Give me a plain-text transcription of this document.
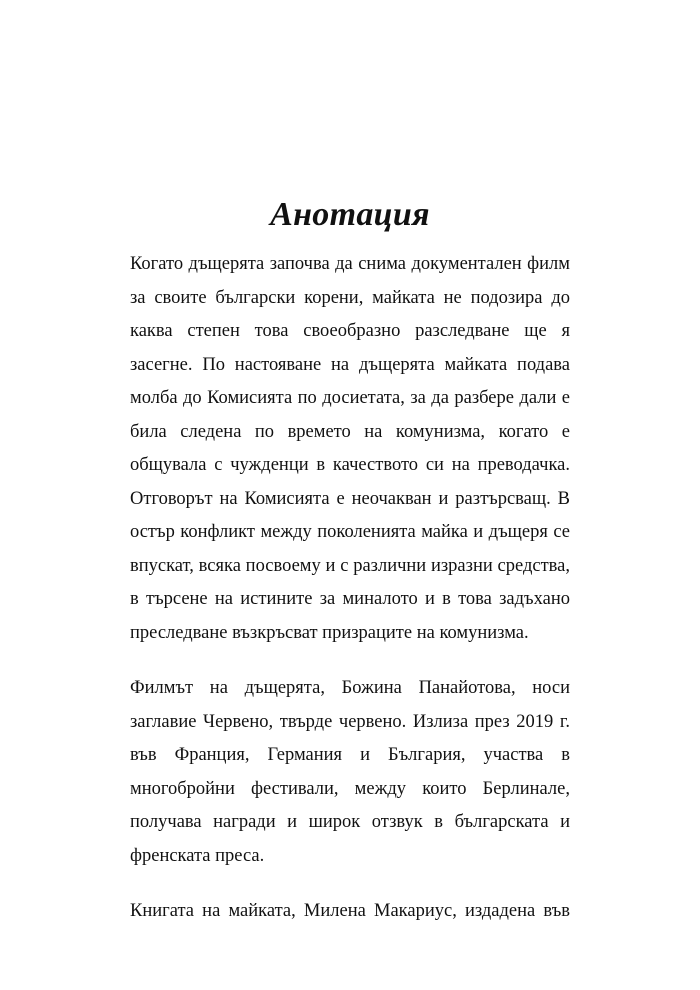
Анотация

Когато дъщерята започва да снима документален филм
за своите български корени, майката не подозира до
каква степен това своеобразно разследване ще я
засегне. По настояване на дъщерята майката подава
молба до Комисията по досиетата, за да разбере дали е
била следена по времето на комунизма, когато е
общувала с чужденци в качеството си на преводачка.
Отговорът на Комисията е неочакван и разтърсващ. В
остър конфликт между поколенията майка и дъщеря се
впускат, всяка посвоему и с различни изразни средства,
в търсене на истините за миналото и в това задъхано
преследване възкръсват призраците на комунизма.

Филмът на дъщерята, Божина Панайотова, носи
заглавие Червено, твърде червено. Излиза през 2019 г.
във Франция, Германия и България, участва в
многобройни фестивали, между които Берлинале,
получава награди и широк отзвук в българската и
френската преса.

Книгата на майката, Милена Макариус, издадена във
